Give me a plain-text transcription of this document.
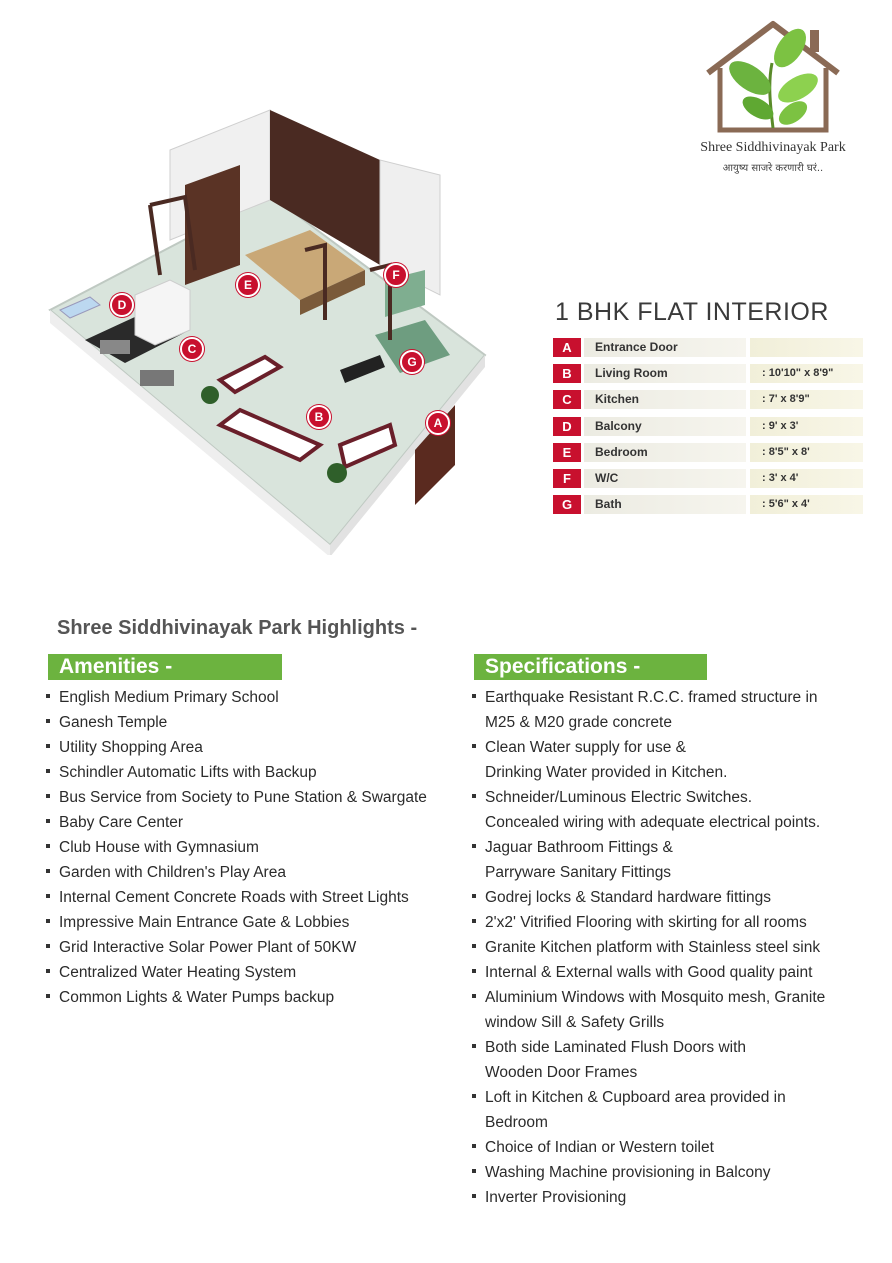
Shree Siddhivinayak Park
आयुष्य साजरे करणारी घरं..
A
B
C
D
E
F
G
1 BHK FLAT INTERIOR
A	Entrance Door
B	Living Room	: 10'10" x 8'9"
C	Kitchen	: 7' x 8'9"
D	Balcony	: 9' x 3'
E	Bedroom	: 8'5" x 8'
F	W/C	: 3' x 4'
G	Bath	: 5'6" x 4'
Shree Siddhivinayak Park Highlights -
Amenities -	Specifications -
English Medium Primary School
Ganesh Temple
Utility Shopping Area
Schindler Automatic Lifts with Backup
Bus Service from Society to Pune Station & Swargate
Baby Care Center
Club House with Gymnasium
Garden with Children's Play Area
Internal Cement Concrete Roads with Street Lights
Impressive Main Entrance Gate & Lobbies
Grid Interactive Solar Power Plant of 50KW
Centralized Water Heating System
Common Lights & Water Pumps backup
Earthquake Resistant R.C.C. framed structure in
M25 & M20 grade concrete
Clean Water supply for use &
Drinking Water provided in Kitchen.
Schneider/Luminous Electric Switches.
Concealed wiring with adequate electrical points.
Jaguar Bathroom Fittings &
Parryware Sanitary Fittings
Godrej locks & Standard hardware fittings
2'x2' Vitrified Flooring with skirting for all rooms
Granite Kitchen platform with Stainless steel sink
Internal & External walls with Good quality paint
Aluminium Windows with Mosquito mesh, Granite
window Sill & Safety Grills
Both side Laminated Flush Doors with
Wooden Door Frames
Loft in Kitchen & Cupboard area provided in
Bedroom
Choice of Indian or Western toilet
Washing Machine provisioning in Balcony
Inverter Provisioning
